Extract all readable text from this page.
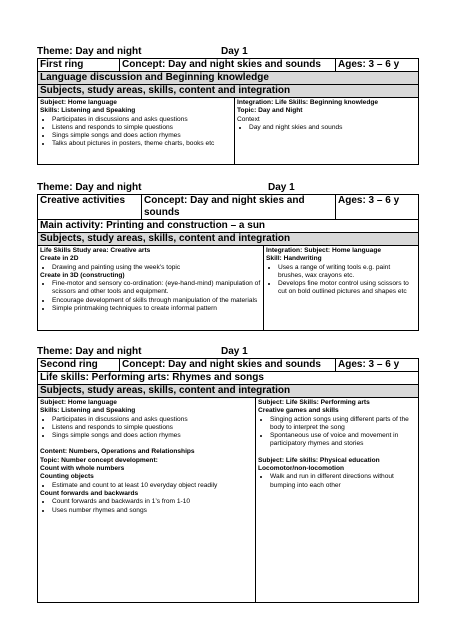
Theme: Day and night	Day 1
First ring	Concept: Day and night skies and sounds	Ages: 3 – 6 y
Language discussion and Beginning knowledge
Subjects, study areas, skills, content and integration
Subject: Home language
Skills: Listening and Speaking
• Participates in discussions and asks questions
• Listens and responds to simple questions
• Sings simple songs and does action rhymes
• Talks about pictures in posters, theme charts, books etc

Integration: Life Skills: Beginning knowledge
Topic: Day and Night
Context
• Day and night skies and sounds
Theme: Day and night	Day 1
Creative activities	Concept: Day and night skies and sounds	Ages: 3 – 6 y
Main activity: Printing and construction – a sun
Subjects, study areas, skills, content and integration
Life Skills Study area: Creative arts
Create in 2D
• Drawing and painting using the week’s topic
Create in 3D (constructing)
• Fine-motor and sensory co-ordination: (eye-hand-mind) manipulation of scissors and other tools and equipment.
• Encourage development of skills through manipulation of the materials
• Simple printmaking techniques to create informal pattern

Integration: Subject: Home language
Skill: Handwriting
• Uses a range of writing tools e.g. paint brushes, wax crayons etc.
• Develops fine motor control using scissors to cut on bold outlined pictures and shapes etc
Theme: Day and night	Day 1
Second ring	Concept: Day and night skies and sounds	Ages: 3 – 6 y
Life skills: Performing arts: Rhymes and songs
Subjects, study areas, skills, content and integration
Subject: Home language
Skills: Listening and Speaking
• Participates in discussions and asks questions
• Listens and responds to simple questions
• Sings simple songs and does action rhymes
Content: Numbers, Operations and Relationships
Topic: Number concept development:
Count with whole numbers
Counting objects
• Estimate and count to at least 10 everyday object readily
Count forwards and backwards
• Count forwards and backwards in 1’s from 1-10
• Uses number rhymes and songs

Subject: Life Skills: Performing arts
Creative games and skills
• Singing action songs using different parts of the body to interpret the song
• Spontaneous use of voice and movement in participatory rhymes and stories
Subject: Life skills: Physical education
Locomotor/non-locomotion
• Walk and run in different directions without bumping into each other
